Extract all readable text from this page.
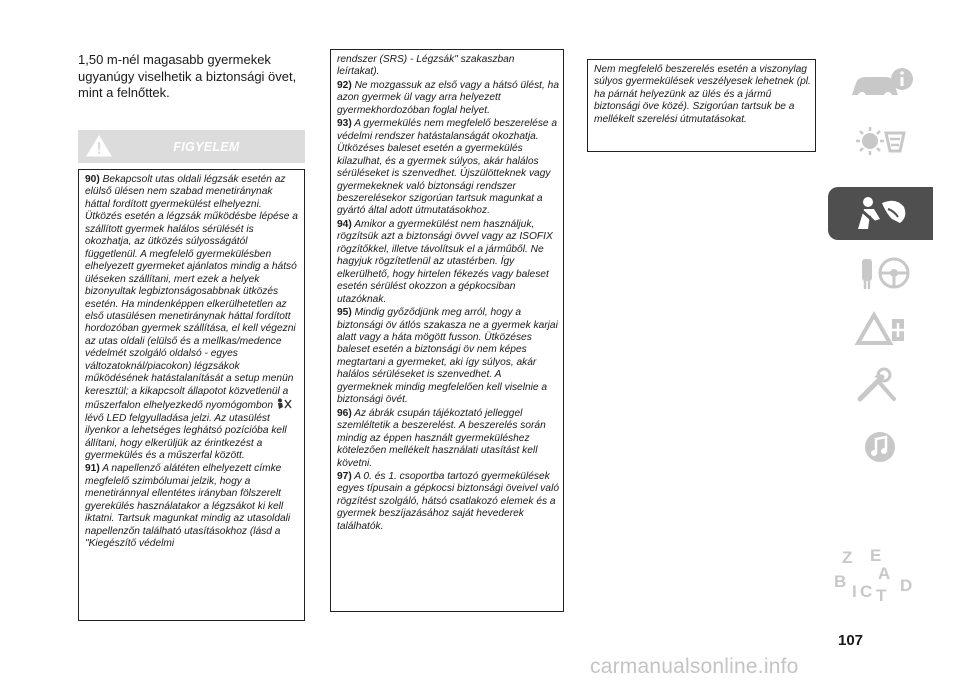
1,50 m-nél magasabb gyermekek ugyanúgy viselhetik a biztonsági övet, mint a felnőttek.
FIGYELEM

90) Bekapcsolt utas oldali légzsák esetén az elülső ülésen nem szabad menetiránynak háttal fordított gyermekülést elhelyezni. Ütközés esetén a légzsák működésbe lépése a szállított gyermek halálos sérülését is okozhatja, az ütközés súlyosságától függetlenül. A megfelelő gyermekülésben elhelyezett gyermeket ajánlatos mindig a hátsó üléseken szállítani, mert ezek a helyek bizonyultak legbiztonságosabbnak ütközés esetén. Ha mindenképpen elkerülhetetlen az első utasülésen menetiránynak háttal fordított hordozóban gyermek szállítása, el kell végezni az utas oldali (elülső és a mellkas/medence védelmét szolgáló oldalsó - egyes változatoknál/piacokon) légzsákok működésének hatástalanítását a setup menün keresztül; a kikapcsolt állapotot közvetlenül a műszerfalon elhelyezkedő nyomógombon  lévő LED felgyulladása jelzi. Az utasülést ilyenkor a lehetséges leghátsó pozícióba kell állítani, hogy elkerüljük az érintkezést a gyermekülés és a műszerfal között.

91) A napellenző alátéten elhelyezett címke megfelelő szimbólumai jelzik, hogy a menetiránnyal ellentétes irányban fölszerelt gyerekülés használatakor a légzsákot ki kell iktatni. Tartsuk magunkat mindig az utasoldali napellenzőn található utasításokhoz (lásd a "Kiegészítő védelmi

rendszer (SRS) - Légzsák" szakaszban leírtakat).

92) Ne mozgassuk az első vagy a hátsó ülést, ha azon gyermek ül vagy arra helyezett gyermekhordozóban foglal helyet.

93) A gyermekülés nem megfelelő beszerelése a védelmi rendszer hatástalanságát okozhatja. Ütközéses baleset esetén a gyermekülés kilazulhat, és a gyermek súlyos, akár halálos sérüléseket is szenvedhet. Újszülötteknek vagy gyermekeknek való biztonsági rendszer beszerelésekor szigorúan tartsuk magunkat a gyártó által adott útmutatásokhoz.

94) Amikor a gyermekülést nem használjuk, rögzítsük azt a biztonsági övvel vagy az ISOFIX rögzítőkkel, illetve távolítsuk el a járműből. Ne hagyjuk rögzítetlenül az utastérben. Így elkerülhető, hogy hirtelen fékezés vagy baleset esetén sérülést okozzon a gépkocsiban utazóknak.

95) Mindig győződjünk meg arról, hogy a biztonsági öv átlós szakasza ne a gyermek karjai alatt vagy a háta mögött fusson. Ütközéses baleset esetén a biztonsági öv nem képes megtartani a gyermeket, aki így súlyos, akár halálos sérüléseket is szenvedhet. A gyermeknek mindig megfelelően kell viselnie a biztonsági övét.

96) Az ábrák csupán tájékoztató jelleggel szemléltetik a beszerelést. A beszerelés során mindig az éppen használt gyermeküléshez kötelezően mellékelt használati utasítást kell követni.

97) A 0. és 1. csoportba tartozó gyermekülések egyes típusain a gépkocsi biztonsági öveivel való rögzítést szolgáló, hátsó csatlakozó elemek és a gyermek beszíjazásához saját hevederek találhatók.

Nem megfelelő beszerelés esetén a viszonylag súlyos gyermekülések veszélyesek lehetnek (pl. ha párnát helyezünk az ülés és a jármű biztonsági öve közé). Szigorúan tartsuk be a mellékelt szerelési útmutatásokat.

Z E
A
B
I C T
D
107
carmanualsonline.info
